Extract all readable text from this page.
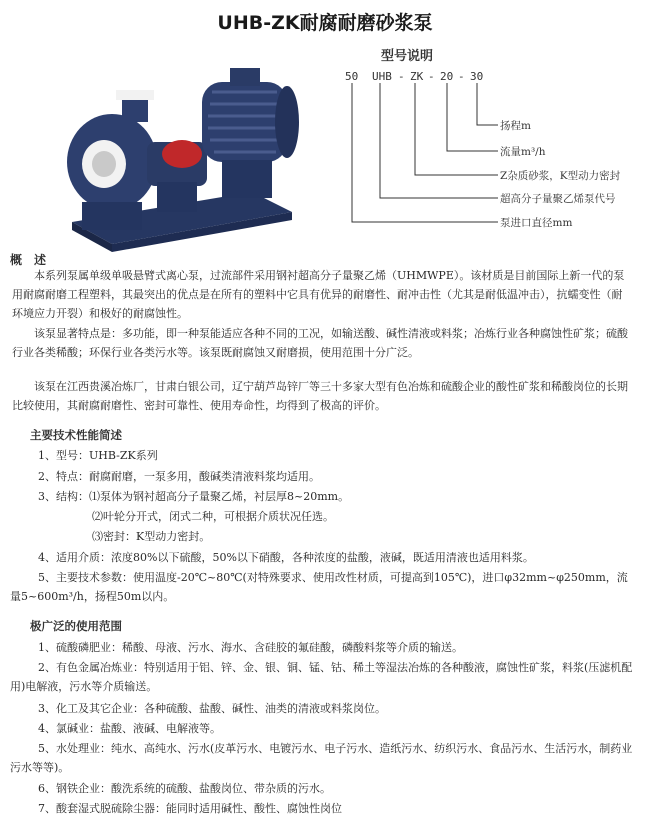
UHB-ZK耐腐耐磨砂浆泵
型号说明
50 UHB - ZK - 20 - 30
扬程m
流量m³/h
Z杂质砂浆，K型动力密封
超高分子量聚乙烯泵代号
泵进口直径mm
概　述
本系列泵属单级单吸悬臂式离心泵，过流部件采用钢衬超高分子量聚乙烯（UHMWPE）。该材质是目前国际上新一代的泵用耐腐耐磨工程塑料，其最突出的优点是在所有的塑料中它具有优异的耐磨性、耐冲击性（尤其是耐低温冲击），抗蠕变性（耐环境应力开裂）和极好的耐腐蚀性。
该泵显著特点是：多功能，即一种泵能适应各种不同的工况，如输送酸、碱性清液或料浆；冶炼行业各种腐蚀性矿浆；硫酸行业各类稀酸；环保行业各类污水等。该泵既耐腐蚀又耐磨损，使用范围十分广泛。
该泵在江西贵溪冶炼厂，甘肃白银公司，辽宁葫芦岛锌厂等三十多家大型有色冶炼和硫酸企业的酸性矿浆和稀酸岗位的长期比较使用，其耐腐耐磨性、密封可靠性、使用寿命性，均得到了极高的评价。
主要技术性能简述
1、型号：UHB-ZK系列
2、特点：耐腐耐磨，一泵多用，酸碱类清液料浆均适用。
3、结构：⑴泵体为钢衬超高分子量聚乙烯，衬层厚8~20mm。
⑵叶轮分开式，闭式二种，可根据介质状况任选。
⑶密封：K型动力密封。
4、适用介质：浓度80%以下硫酸，50%以下硝酸，各种浓度的盐酸，液碱，既适用清液也适用料浆。
5、主要技术参数：使用温度-20℃~80℃(对特殊要求、使用改性材质，可提高到105℃)，进口φ32mm~φ250mm，流量5~600m³/h，扬程50m以内。
极广泛的使用范围
1、硫酸磷肥业：稀酸、母液、污水、海水、含硅胶的氟硅酸，磷酸料浆等介质的输送。
2、有色金属冶炼业：特别适用于铝、锌、金、银、铜、锰、钴、稀土等湿法冶炼的各种酸液，腐蚀性矿浆，料浆(压滤机配用)电解液，污水等介质输送。
3、化工及其它企业：各种硫酸、盐酸、碱性、油类的清液或料浆岗位。
4、氯碱业：盐酸、液碱、电解液等。
5、水处理业：纯水、高纯水、污水(皮革污水、电镀污水、电子污水、造纸污水、纺织污水、食品污水、生活污水，制药业污水等等)。
6、钢铁企业：酸洗系统的硫酸、盐酸岗位、带杂质的污水。
7、酸套湿式脱硫除尘器：能同时适用碱性、酸性、腐蚀性岗位
